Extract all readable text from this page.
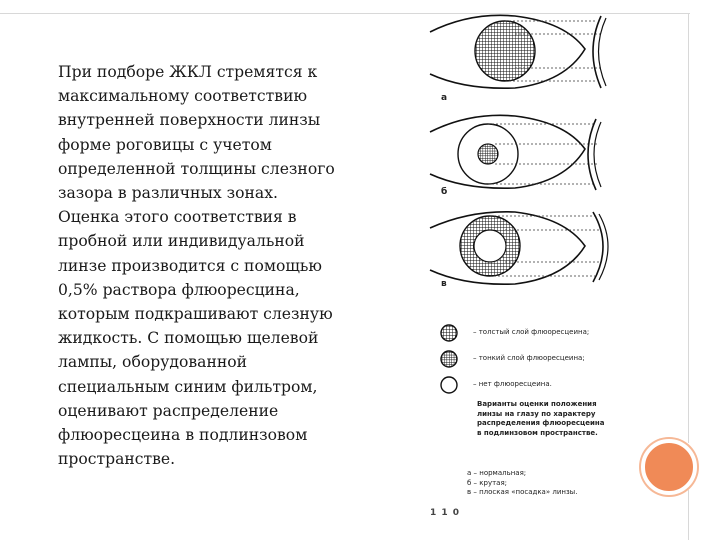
При подборе ЖКЛ стремятся к
максимальному соответствию
внутренней поверхности линзы
форме роговицы с учетом
определенной толщины слезного
зазора в различных зонах.
Оценка этого соответствия в
пробной или индивидуальной
линзе производится с помощью
0,5% раствора флюоресцина,
которым подкрашивают слезную
жидкость. С помощью щелевой
лампы, оборудованной
специальным синим фильтром,
оценивают распределение
флюоресцеина в подлинзовом
пространстве.
а
б
в
– толстый слой флюоресцеина;
– тонкий слой флюоресцеина;
– нет флюоресцеина.
Варианты оценки положения
линзы на глазу по характеру
распределения флюоресцеина
в подлинзовом пространстве.
а – нормальная;
б – крутая;
в – плоская «посадка» линзы.
1 1 0
